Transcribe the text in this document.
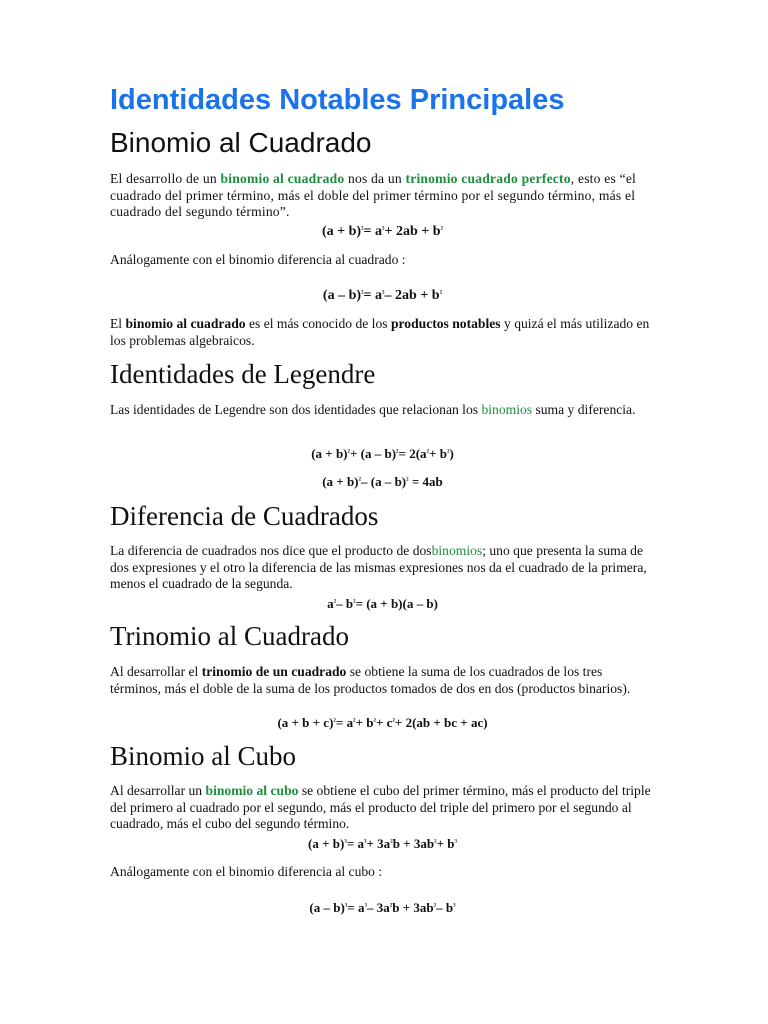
Identidades Notables Principales
Binomio al Cuadrado

El desarrollo de un binomio al cuadrado nos da un trinomio cuadrado perfecto, esto es “el cuadrado del primer término, más el doble del primer término por el segundo término, más el cuadrado del segundo término”.

$(a + b)^2= a^2+ 2ab + b^2$

Análogamente con el binomio diferencia al cuadrado :

$(a - b)^2= a^2-$ $2ab + b^2$

El binomio al cuadrado es el más conocido de los productos notables y quizá el más utilizado en los problemas algebraicos.

Identidades de Legendre

Las identidades de Legendre son dos identidades que relacionan los binomios suma y diferencia.

$(a + b)^2+ (a - b)^2= 2(a^2+ b^2)$

$(a + b)^2-$ (a – b)$^2$ = 4ab

Diferencia de Cuadrados

La diferencia de cuadrados nos dice que el producto de dosbinomios; uno que presenta la suma de dos expresiones y el otro la diferencia de las mismas expresiones nos da el cuadrado de la primera, menos el cuadrado de la segunda.

$a^2-$ $b^2= (a + b)(a - b)$

Trinomio al Cuadrado

Al desarrollar el trinomio de un cuadrado se obtiene la suma de los cuadrados de los tres términos, más el doble de la suma de los productos tomados de dos en dos (productos binarios).

$(a + b + c)^2= a^2+ b^2+ c^2+ 2(ab$ + bc + ac)

Binomio al Cubo

Al desarrollar un binomio al cubo se obtiene el cubo del primer término, más el producto del triple del primero al cuadrado por el segundo, más el producto del triple del primero por el segundo al cuadrado, más el cubo del segundo término.

$(a + b)^3= a^3+ 3a^2b + 3ab^2+ b^3$

Análogamente con el binomio diferencia al cubo :

$(a - b)^3= a^3-$ $3a^2b + 3ab^2-$ $b^3$
